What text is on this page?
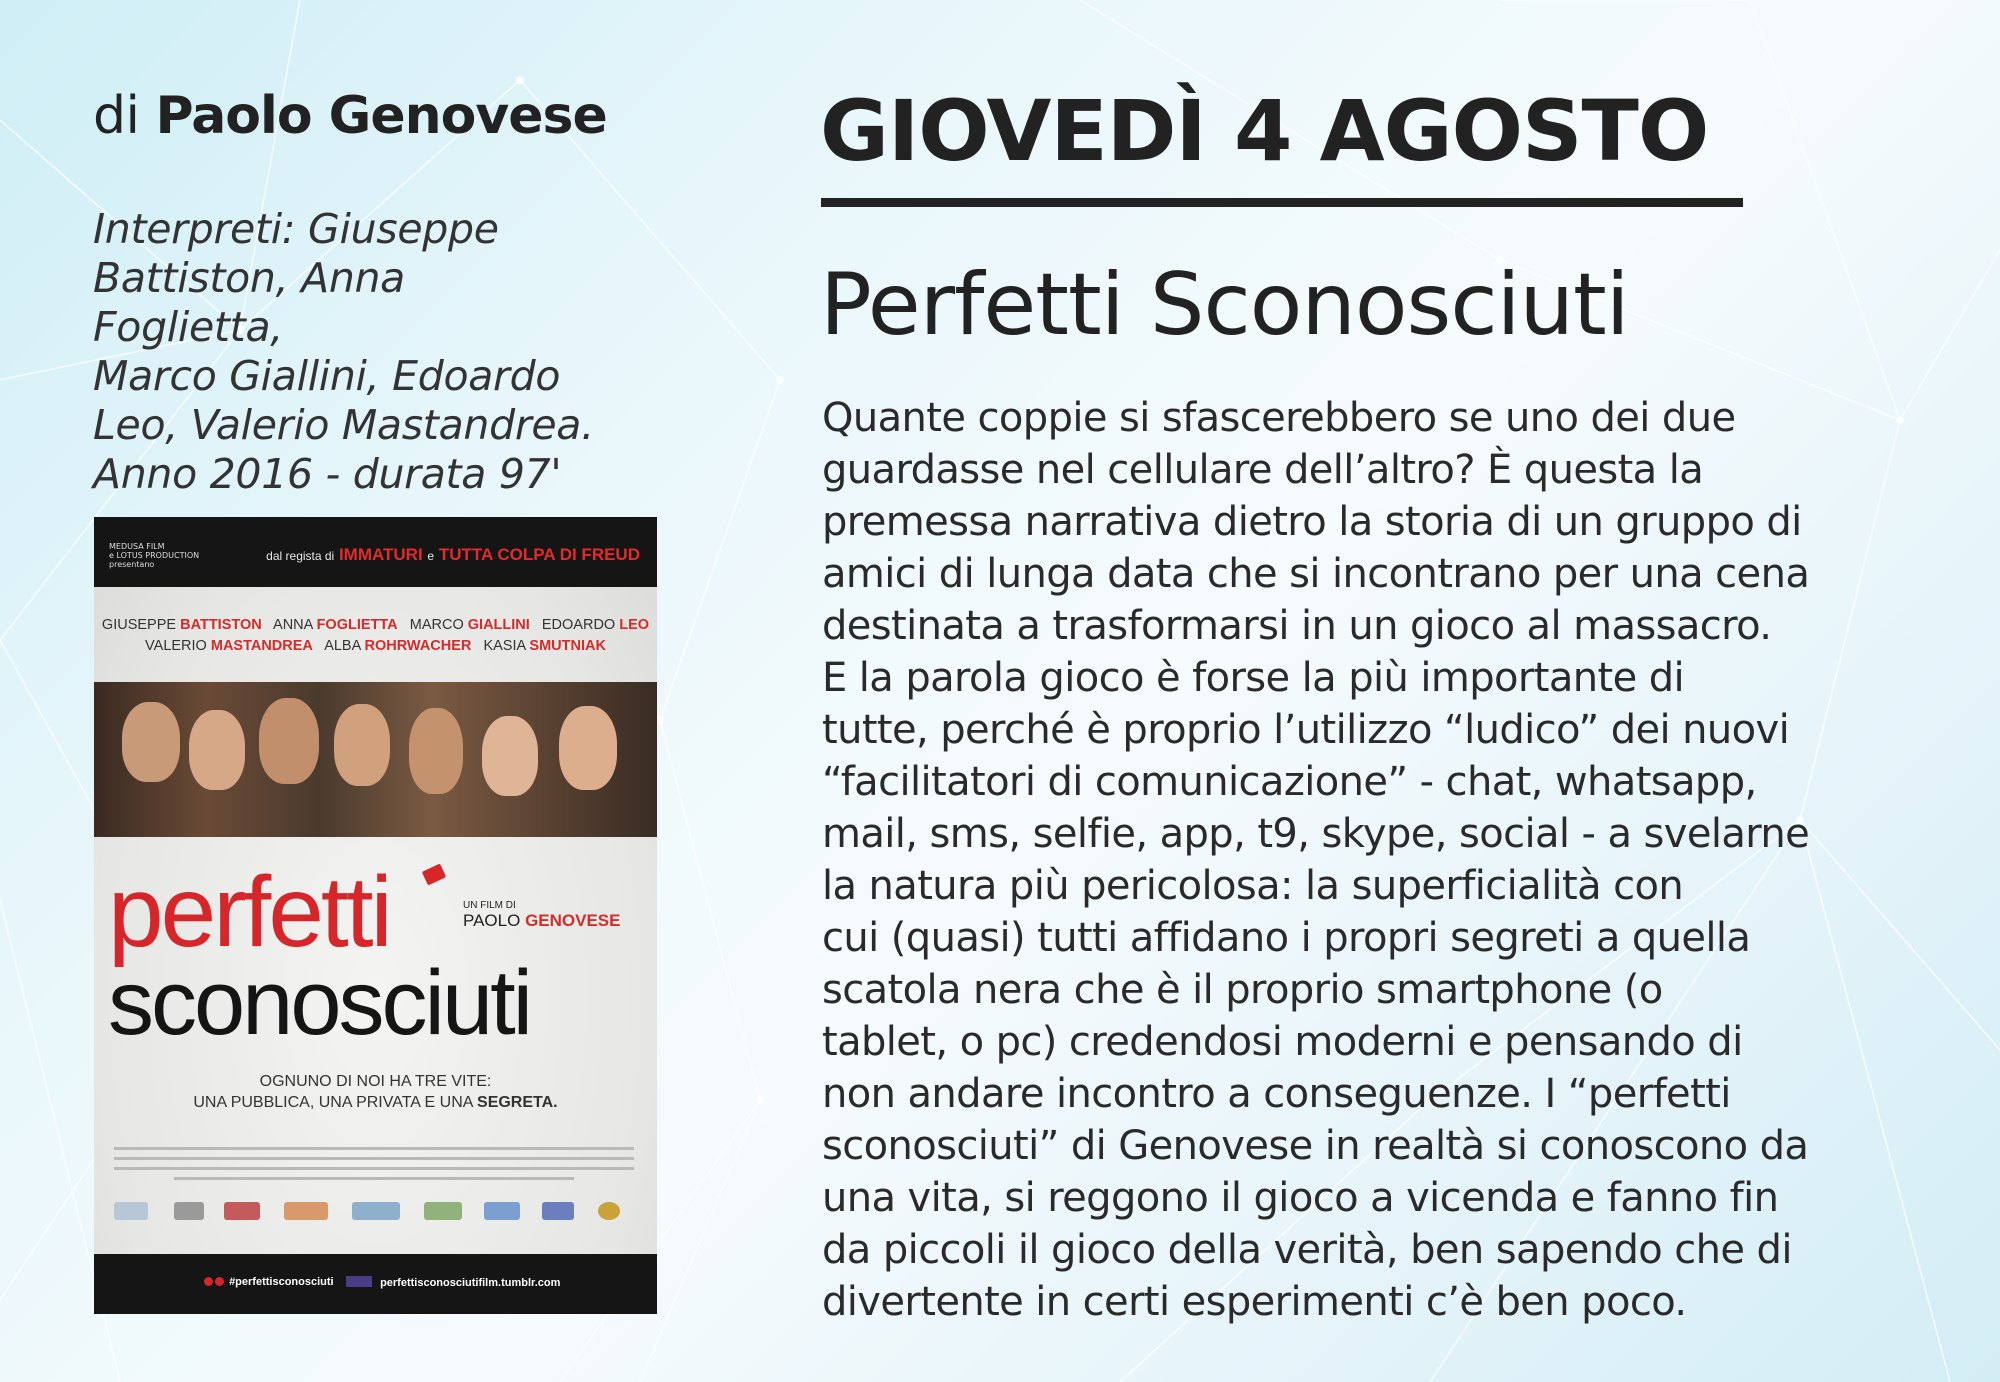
di Paolo Genovese
Interpreti: Giuseppe
Battiston, Anna Foglietta,
Marco Giallini, Edoardo
Leo, Valerio Mastandrea.
Anno 2016 - durata 97'
MEDUSA FILM
e LOTUS PRODUCTION
presentano
dal regista di IMMATURI e TUTTA COLPA DI FREUD
GIUSEPPE BATTISTON ANNA FOGLIETTA MARCO GIALLINI EDOARDO LEO
VALERIO MASTANDREA ALBA ROHRWACHER KASIA SMUTNIAK
perfetti	UN FILM DI
PAOLO GENOVESE
sconosciuti
OGNUNO DI NOI HA TRE VITE:
UNA PUBBLICA, UNA PRIVATA E UNA SEGRETA.
#perfettisconosciuti	perfettisconosciutifilm.tumblr.com
GIOVEDÌ 4 AGOSTO
Perfetti Sconosciuti
Quante coppie si sfascerebbero se uno dei due
guardasse nel cellulare dell’altro? È questa la
premessa narrativa dietro la storia di un gruppo di
amici di lunga data che si incontrano per una cena
destinata a trasformarsi in un gioco al massacro.
E la parola gioco è forse la più importante di
tutte, perché è proprio l’utilizzo “ludico” dei nuovi
“facilitatori di comunicazione” - chat, whatsapp,
mail, sms, selfie, app, t9, skype, social - a svelarne
la natura più pericolosa: la superficialità con
cui (quasi) tutti affidano i propri segreti a quella
scatola nera che è il proprio smartphone (o
tablet, o pc) credendosi moderni e pensando di
non andare incontro a conseguenze. I “perfetti
sconosciuti” di Genovese in realtà si conoscono da
una vita, si reggono il gioco a vicenda e fanno fin
da piccoli il gioco della verità, ben sapendo che di
divertente in certi esperimenti c’è ben poco.
